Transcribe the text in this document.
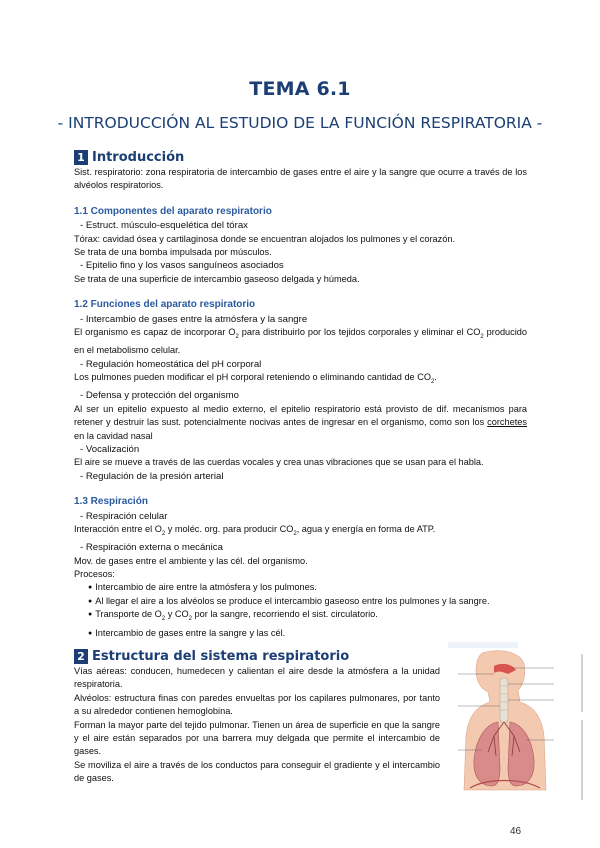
TEMA 6.1
- INTRODUCCIÓN AL ESTUDIO DE LA FUNCIÓN RESPIRATORIA -
1 Introducción

Sist. respiratorio: zona respiratoria de intercambio de gases entre el aire y la sangre que ocurre a través de los alvéolos respiratorios.

1.1 Componentes del aparato respiratorio

- Estruct. músculo-esquelética del tórax

Tórax: cavidad ósea y cartilaginosa donde se encuentran alojados los pulmones y el corazón.

Se trata de una bomba impulsada por músculos.

- Epitelio fino y los vasos sanguíneos asociados

Se trata de una superficie de intercambio gaseoso delgada y húmeda.

1.2 Funciones del aparato respiratorio

- Intercambio de gases entre la atmósfera y la sangre

El organismo es capaz de incorporar $O_2$ para distribuirlo por los tejidos corporales y eliminar el $CO_2$ producido en el metabolismo celular.

- Regulación homeostática del pH corporal

Los pulmones pueden modificar el pH corporal reteniendo o eliminando cantidad de $CO_2$.

- Defensa y protección del organismo

Al ser un epitelio expuesto al medio externo, el epitelio respiratorio está provisto de dif. mecanismos para retener y destruir las sust. potencialmente nocivas antes de ingresar en el organismo, como son los corchetes en la cavidad nasal

- Vocalización

El aire se mueve a través de las cuerdas vocales y crea unas vibraciones que se usan para el habla.

- Regulación de la presión arterial

1.3 Respiración

- Respiración celular

Interacción entre el $O_2$ y moléc. org. para producir $CO_2$, agua y energía en forma de ATP.

- Respiración externa o mecánica

Mov. de gases entre el ambiente y las cél. del organismo.

Procesos:

● Intercambio de aire entre la atmósfera y los pulmones.

● Al llegar el aire a los alvéolos se produce el intercambio gaseoso entre los pulmones y la sangre.

● Transporte de $O_2$ y $CO_2$ por la sangre, recorriendo el sist. circulatorio.

● Intercambio de gases entre la sangre y las cél.

2 Estructura del sistema respiratorio

Vías aéreas: conducen, humedecen y calientan el aire desde la atmósfera a la unidad respiratoria.

Alvéolos: estructura finas con paredes envueltas por los capilares pulmonares, por tanto a su alrededor contienen hemoglobina.

Forman la mayor parte del tejido pulmonar. Tienen un área de superficie en que la sangre y el aire están separados por una barrera muy delgada que permite el intercambio de gases.

Se moviliza el aire a través de los conductos para conseguir el gradiente y el intercambio de gases.

46
